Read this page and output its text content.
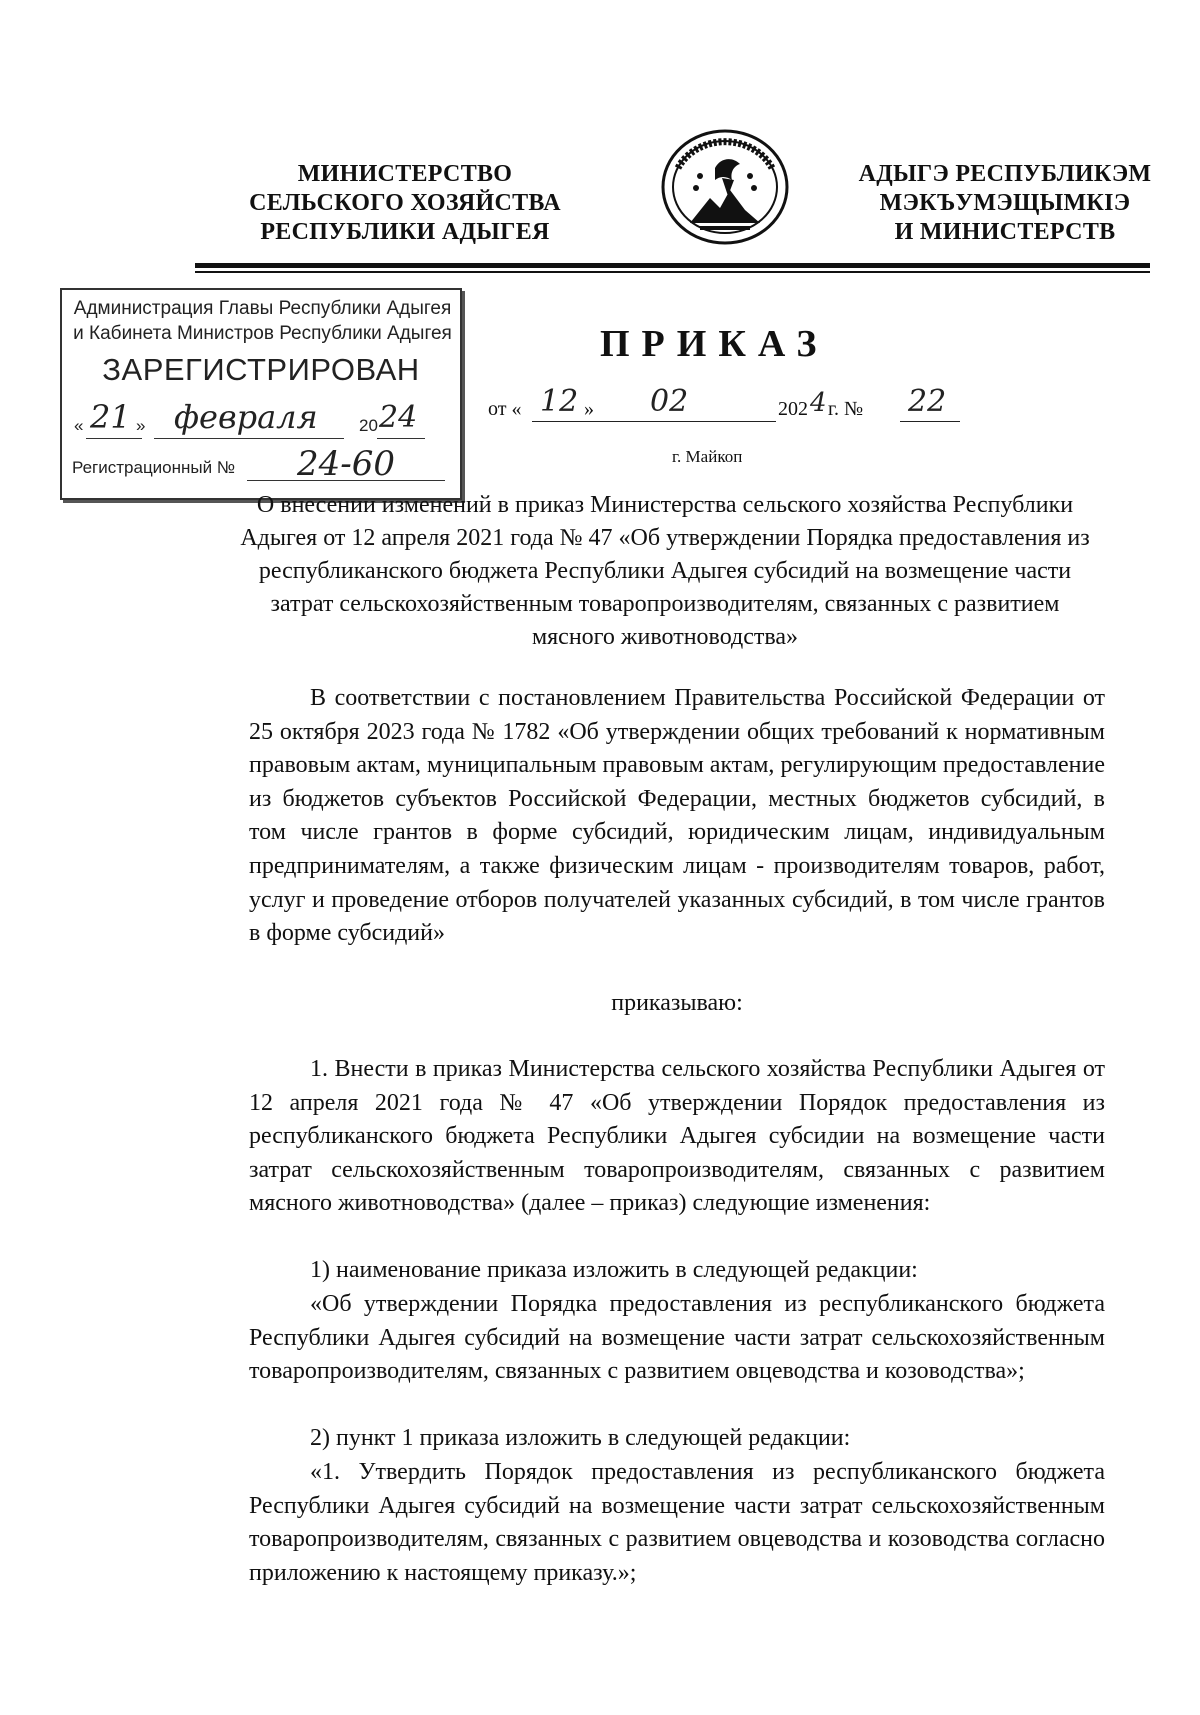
МИНИСТЕРСТВО
СЕЛЬСКОГО ХОЗЯЙСТВА
РЕСПУБЛИКИ АДЫГЕЯ
АДЫГЭ РЕСПУБЛИКЭМ
МЭКЪУМЭЩЫМКIЭ
И МИНИСТЕРСТВ
Администрация Главы Республики Адыгея
и Кабинета Министров Республики Адыгея
ЗАРЕГИСТРИРОВАН
« 21 » февраля 20 24
Регистрационный № 24-60
ПРИКАЗ
от « 12 » 02	202 4 г. № 22
г. Майкоп
О внесении изменений в приказ Министерства сельского хозяйства Республики Адыгея от 12 апреля 2021 года № 47 «Об утверждении Порядка предоставления из республиканского бюджета Республики Адыгея субсидий на возмещение части затрат сельскохозяйственным товаропроизводителям, связанных с развитием мясного животноводства»
В соответствии с постановлением Правительства Российской Федерации от 25 октября 2023 года № 1782 «Об утверждении общих требований к нормативным правовым актам, муниципальным правовым актам, регулирующим предоставление из бюджетов субъектов Российской Федерации, местных бюджетов субсидий, в том числе грантов в форме субсидий, юридическим лицам, индивидуальным предпринимателям, а также физическим лицам - производителям товаров, работ, услуг и проведение отборов получателей указанных субсидий, в том числе грантов в форме субсидий»
приказываю:
1. Внести в приказ Министерства сельского хозяйства Республики Адыгея от 12 апреля 2021 года № 47 «Об утверждении Порядок предоставления из республиканского бюджета Республики Адыгея субсидии на возмещение части затрат сельскохозяйственным товаропроизводителям, связанных с развитием мясного животноводства» (далее – приказ) следующие изменения:
1) наименование приказа изложить в следующей редакции:
«Об утверждении Порядка предоставления из республиканского бюджета Республики Адыгея субсидий на возмещение части затрат сельскохозяйственным товаропроизводителям, связанных с развитием овцеводства и козоводства»;
2) пункт 1 приказа изложить в следующей редакции:
«1. Утвердить Порядок предоставления из республиканского бюджета Республики Адыгея субсидий на возмещение части затрат сельскохозяйственным товаропроизводителям, связанных с развитием овцеводства и козоводства согласно приложению к настоящему приказу.»;
